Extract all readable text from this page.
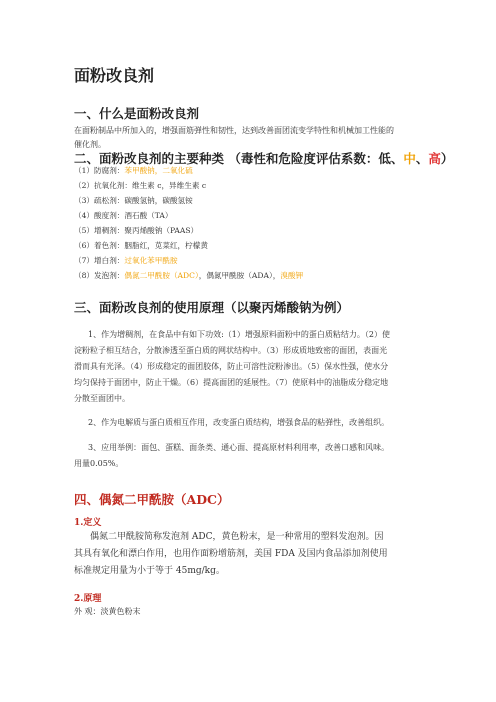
面粉改良剂
一、什么是面粉改良剂
在面粉制品中所加入的，增强面筋弹性和韧性，达到改善面团流变学特性和机械加工性能的
催化剂。
二、面粉改良剂的主要种类 （毒性和危险度评估系数：低、中、高）
（1）防腐剂：苯甲酸钠，二氧化硫
（2）抗氧化剂：维生素 c，异维生素 c
（3）疏松剂：碳酸氢钠，碳酸氢铵
（4）酸度剂：酒石酸（TA）
（5）增稠剂：聚丙烯酸钠（PAAS）
（6）着色剂：胭脂红，苋菜红，柠檬黄
（7）增白剂：过氧化苯甲酰胺
（8）发泡剂：偶氮二甲酰胺（ADC），偶氮甲酰胺（ADA），溴酸钾
三、面粉改良剂的使用原理（以聚丙烯酸钠为例）
1、作为增稠剂，在食品中有如下功效:（1）增强原料面粉中的蛋白质粘结力。（2）使
淀粉粒子相互结合，分散渗透至蛋白质的网状结构中。（3）形成质地致密的面团，表面光
滑而具有光泽。（4）形成稳定的面团胶体，防止可溶性淀粉渗出。（5）保水性强，使水分
均匀保持于面团中，防止干燥。（6）提高面团的延展性。（7）使原料中的油脂成分稳定地
分散至面团中。
2、作为电解质与蛋白质相互作用，改变蛋白质结构，增强食品的粘弹性，改善组织。
3、应用举例：面包、蛋糕、面条类、通心面、提高原材料利用率，改善口感和风味。
用量0.05%。
四、偶氮二甲酰胺（ADC）
1.定义
偶氮二甲酰胺简称发泡剂 ADC，黄色粉末，是一种常用的塑料发泡剂。因
其具有氧化和漂白作用，也用作面粉增筋剂，美国 FDA 及国内食品添加剂使用
标准规定用量为小于等于 45mg/kg。
2.原理
外 观：淡黄色粉末
